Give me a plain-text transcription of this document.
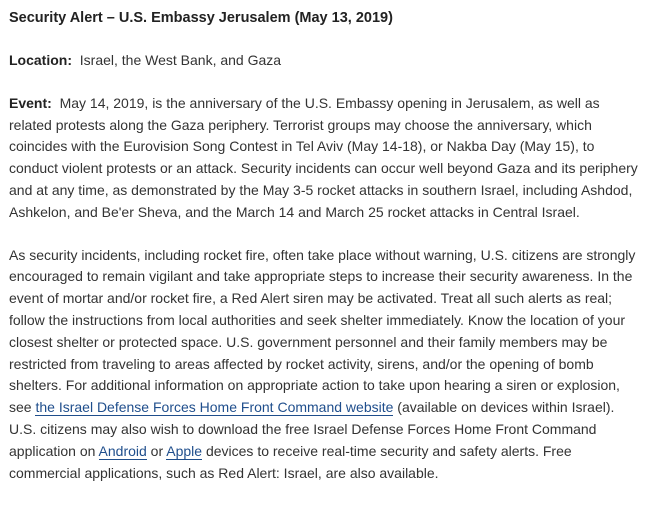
Security Alert – U.S. Embassy Jerusalem (May 13, 2019)

Location: Israel, the West Bank, and Gaza

Event: May 14, 2019, is the anniversary of the U.S. Embassy opening in Jerusalem, as well as related protests along the Gaza periphery. Terrorist groups may choose the anniversary, which coincides with the Eurovision Song Contest in Tel Aviv (May 14-18), or Nakba Day (May 15), to conduct violent protests or an attack. Security incidents can occur well beyond Gaza and its periphery and at any time, as demonstrated by the May 3-5 rocket attacks in southern Israel, including Ashdod, Ashkelon, and Be'er Sheva, and the March 14 and March 25 rocket attacks in Central Israel.

As security incidents, including rocket fire, often take place without warning, U.S. citizens are strongly encouraged to remain vigilant and take appropriate steps to increase their security awareness. In the event of mortar and/or rocket fire, a Red Alert siren may be activated. Treat all such alerts as real; follow the instructions from local authorities and seek shelter immediately. Know the location of your closest shelter or protected space. U.S. government personnel and their family members may be restricted from traveling to areas affected by rocket activity, sirens, and/or the opening of bomb shelters. For additional information on appropriate action to take upon hearing a siren or explosion, see the Israel Defense Forces Home Front Command website (available on devices within Israel). U.S. citizens may also wish to download the free Israel Defense Forces Home Front Command application on Android or Apple devices to receive real-time security and safety alerts. Free commercial applications, such as Red Alert: Israel, are also available.
